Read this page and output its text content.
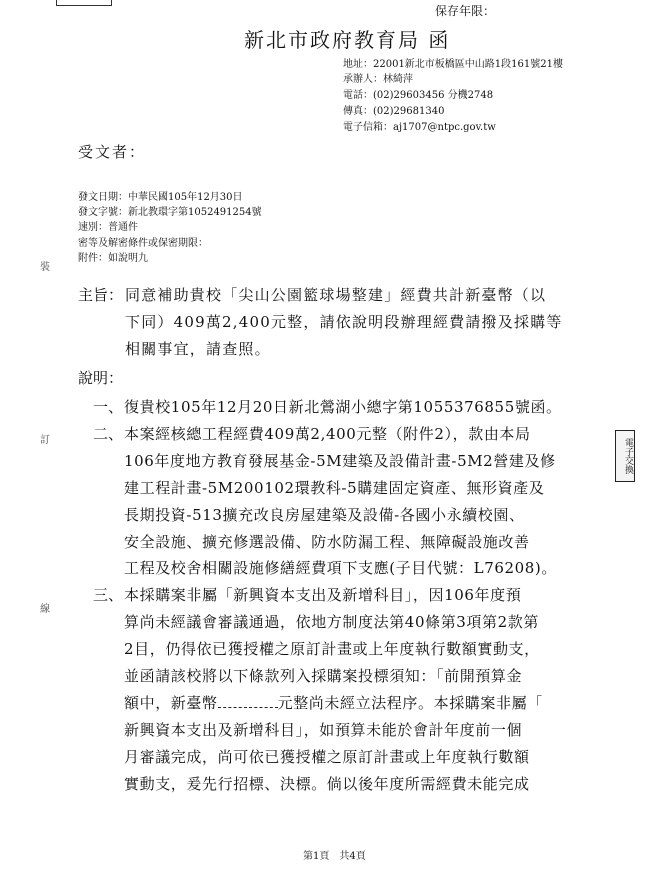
保存年限：
新北市政府教育局 函
地址：22001新北市板橋區中山路1段161號21樓
承辦人：林綺萍
電話：(02)29603456 分機2748
傳真：(02)29681340
電子信箱：aj1707@ntpc.gov.tw
受文者：
發文日期：中華民國105年12月30日
發文字號：新北教環字第1052491254號
速別：普通件
密等及解密條件或保密期限：
附件：如說明九
主旨： 同意補助貴校「尖山公園籃球場整建」經費共計新臺幣（以
下同）409萬2,400元整，請依說明段辦理經費請撥及採購等
相關事宜，請查照。
說明：
一、 復貴校105年12月20日新北鶯湖小總字第1055376855號函。
二、 本案經核總工程經費409萬2,400元整（附件2），款由本局
106年度地方教育發展基金-5M建築及設備計畫-5M2營建及修
建工程計畫-5M200102環教科-5購建固定資產、無形資產及
長期投資-513擴充改良房屋建築及設備-各國小永續校園、
安全設施、擴充修選設備、防水防漏工程、無障礙設施改善
工程及校舍相關設施修繕經費項下支應(子目代號：L76208)。
三、 本採購案非屬「新興資本支出及新增科目」，因106年度預
算尚未經議會審議通過，依地方制度法第40條第3項第2款第
2目，仍得依已獲授權之原訂計畫或上年度執行數額實動支，
並函請該校將以下條款列入採購案投標須知：「前開預算金
額中，新臺幣	元整尚未經立法程序。本採購案非屬「
新興資本支出及新增科目」，如預算未能於會計年度前一個
月審議完成，尚可依已獲授權之原訂計畫或上年度執行數額
實動支，爰先行招標、決標。倘以後年度所需經費未能完成
裝
訂
線
電子交換
第1頁　共4頁
